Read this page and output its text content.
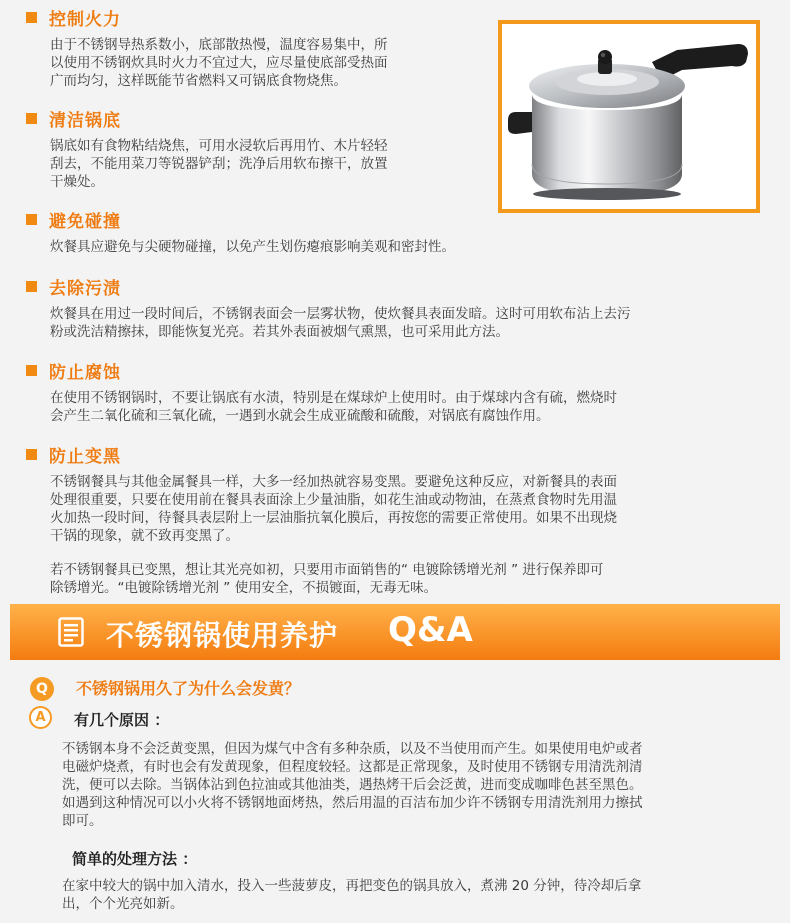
控制火力
由于不锈钢导热系数小，底部散热慢，温度容易集中，所
以使用不锈钢炊具时火力不宜过大，应尽量使底部受热面
广而均匀，这样既能节省燃料又可锅底食物烧焦。
清洁锅底
锅底如有食物粘结烧焦，可用水浸软后再用竹、木片轻轻
刮去，不能用菜刀等锐器铲刮；洗净后用软布擦干，放置
干燥处。
避免碰撞
炊餐具应避免与尖硬物碰撞，以免产生划伤瘪痕影响美观和密封性。
去除污渍
炊餐具在用过一段时间后，不锈钢表面会一层雾状物，使炊餐具表面发暗。这时可用软布沾上去污
粉或洗洁精擦抹，即能恢复光亮。若其外表面被烟气熏黑，也可采用此方法。
防止腐蚀
在使用不锈钢锅时，不要让锅底有水渍，特别是在煤球炉上使用时。由于煤球内含有硫，燃烧时
会产生二氧化硫和三氧化硫，一遇到水就会生成亚硫酸和硫酸，对锅底有腐蚀作用。
防止变黑
不锈钢餐具与其他金属餐具一样，大多一经加热就容易变黑。要避免这种反应，对新餐具的表面
处理很重要，只要在使用前在餐具表面涂上少量油脂，如花生油或动物油，在蒸煮食物时先用温
火加热一段时间，待餐具表层附上一层油脂抗氧化膜后，再按您的需要正常使用。如果不出现烧
干锅的现象，就不致再变黑了。
若不锈钢餐具已变黑，想让其光亮如初，只要用市面销售的“ 电镀除锈增光剂 ” 进行保养即可
除锈增光。“电镀除锈增光剂 ” 使用安全，不损镀面，无毒无味。
不锈钢锅使用养护 Q&A
Q	不锈钢锅用久了为什么会发黄？
A	有几个原因 ：
不锈钢本身不会泛黄变黑，但因为煤气中含有多种杂质，以及不当使用而产生。如果使用电炉或者
电磁炉烧煮，有时也会有发黄现象，但程度较轻。这都是正常现象，及时使用不锈钢专用清洗剂清
洗，便可以去除。当锅体沾到色拉油或其他油类，遇热烤干后会泛黄，进而变成咖啡色甚至黑色。
如遇到这种情况可以小火将不锈钢地面烤热，然后用温的百洁布加少许不锈钢专用清洗剂用力擦拭
即可。
简单的处理方法 ：
在家中较大的锅中加入清水，投入一些菠萝皮，再把变色的锅具放入，煮沸 20 分钟，待冷却后拿
出，个个光亮如新。
